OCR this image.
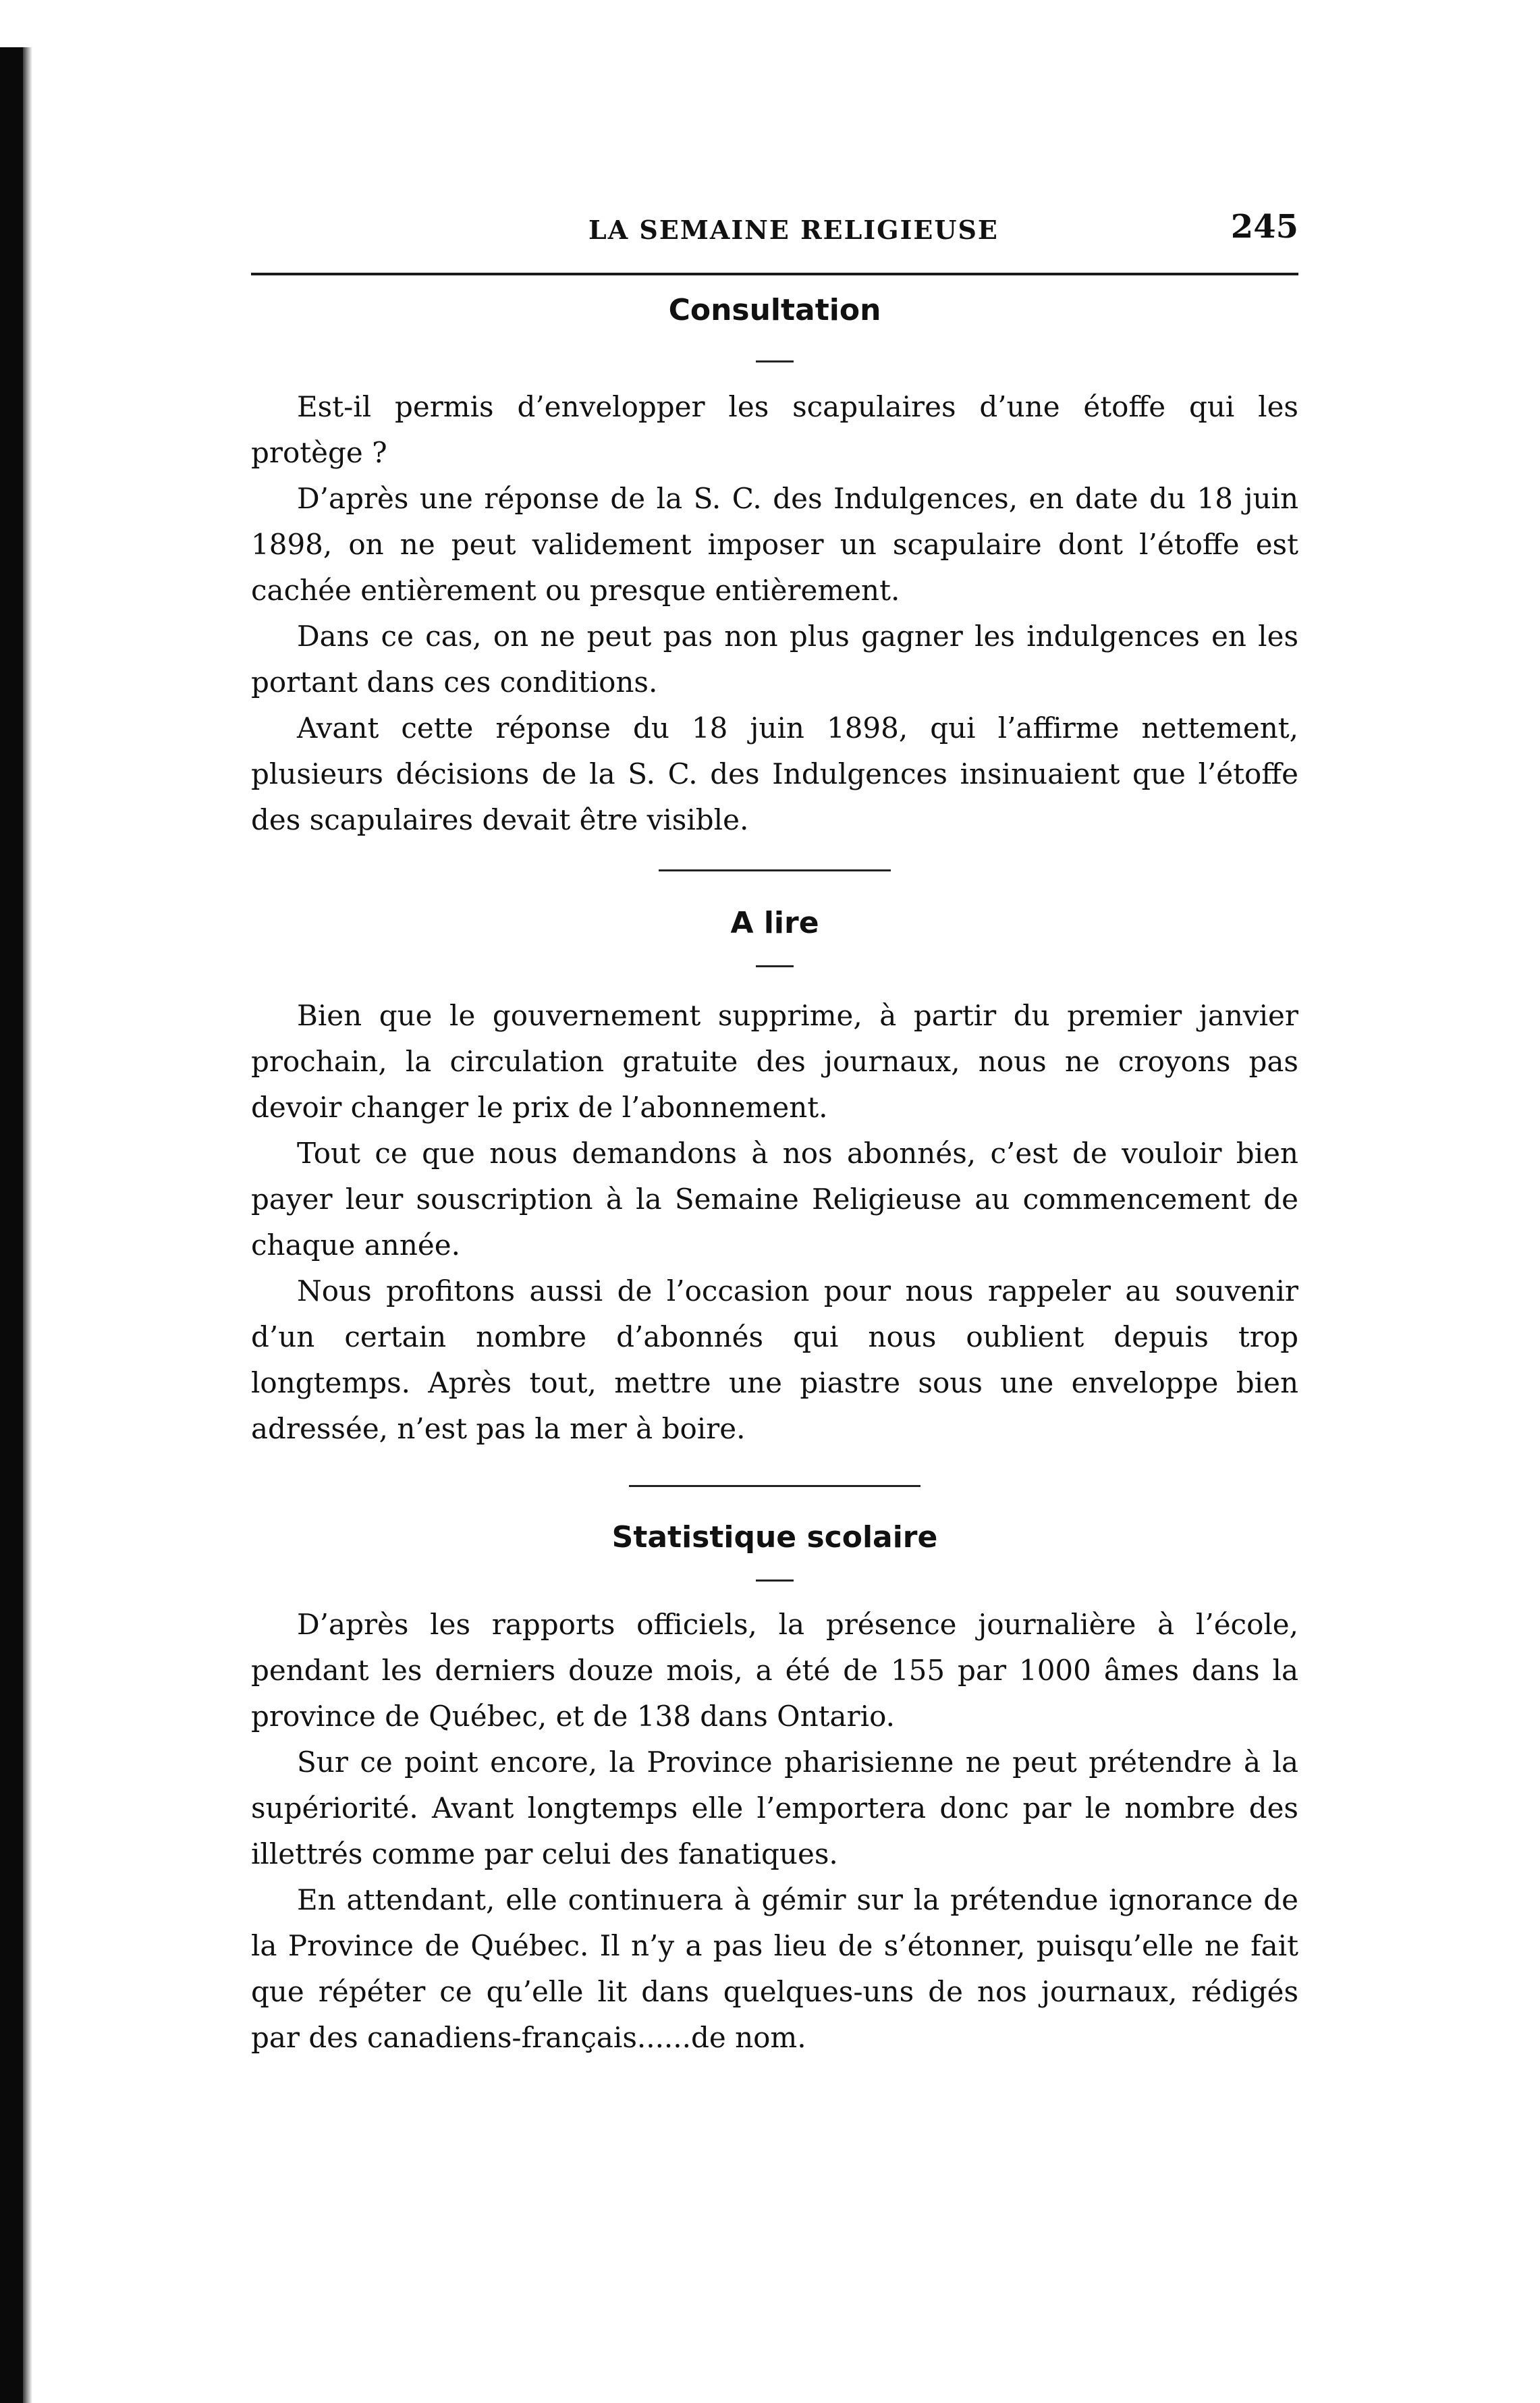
LA SEMAINE RELIGIEUSE	245
Consultation

Est-il permis d’envelopper les scapulaires d’une étoffe qui les protège ?

D’après une réponse de la S. C. des Indulgences, en date du 18 juin 1898, on ne peut validement imposer un scapulaire dont l’étoffe est cachée entièrement ou presque entièrement.

Dans ce cas, on ne peut pas non plus gagner les indulgences en les portant dans ces conditions.

Avant cette réponse du 18 juin 1898, qui l’affirme nettement, plusieurs décisions de la S. C. des Indulgences insinuaient que l’étoffe des scapulaires devait être visible.

A lire

Bien que le gouvernement supprime, à partir du premier janvier prochain, la circulation gratuite des journaux, nous ne croyons pas devoir changer le prix de l’abonnement.

Tout ce que nous demandons à nos abonnés, c’est de vouloir bien payer leur souscription à la Semaine Religieuse au commencement de chaque année.

Nous profitons aussi de l’occasion pour nous rappeler au souvenir d’un certain nombre d’abonnés qui nous oublient depuis trop longtemps. Après tout, mettre une piastre sous une enveloppe bien adressée, n’est pas la mer à boire.

Statistique scolaire

D’après les rapports officiels, la présence journalière à l’école, pendant les derniers douze mois, a été de 155 par 1000 âmes dans la province de Québec, et de 138 dans Ontario.

Sur ce point encore, la Province pharisienne ne peut prétendre à la supériorité. Avant longtemps elle l’emportera donc par le nombre des illettrés comme par celui des fanatiques.

En attendant, elle continuera à gémir sur la prétendue ignorance de la Province de Québec. Il n’y a pas lieu de s’étonner, puisqu’elle ne fait que répéter ce qu’elle lit dans quelques-uns de nos journaux, rédigés par des canadiens-français......de nom.
